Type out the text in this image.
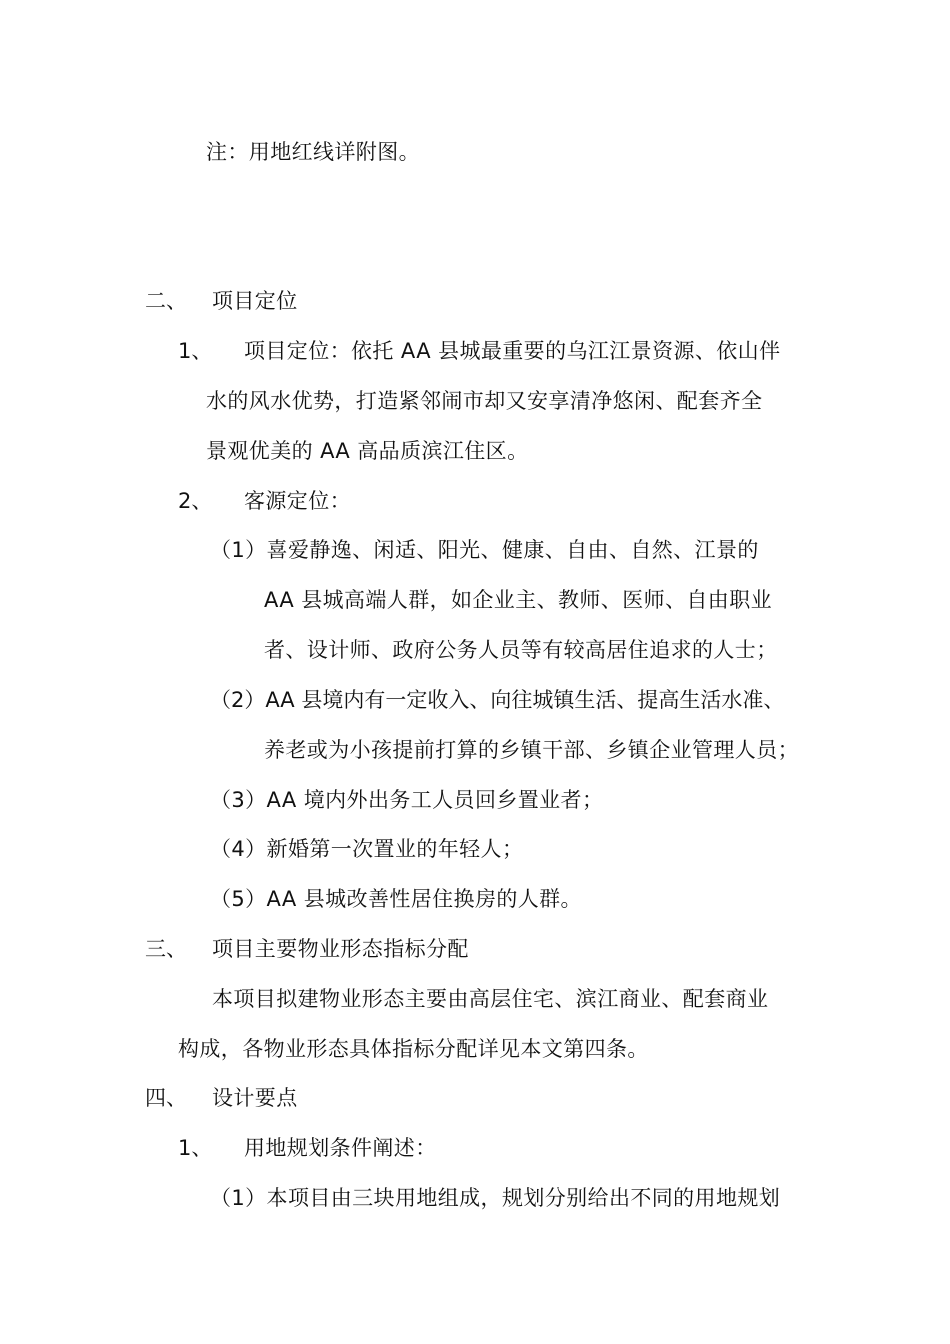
注：用地红线详附图。
二、 项目定位
1、 项目定位：依托 AA 县城最重要的乌江江景资源、依山伴
水的风水优势，打造紧邻闹市却又安享清净悠闲、配套齐全
景观优美的 AA 高品质滨江住区。
2、 客源定位：
（1）喜爱静逸、闲适、阳光、健康、自由、自然、江景的
AA 县城高端人群，如企业主、教师、医师、自由职业
者、设计师、政府公务人员等有较高居住追求的人士；
（2）AA 县境内有一定收入、向往城镇生活、提高生活水准、
养老或为小孩提前打算的乡镇干部、乡镇企业管理人员；
（3）AA 境内外出务工人员回乡置业者；
（4）新婚第一次置业的年轻人；
（5）AA 县城改善性居住换房的人群。
三、 项目主要物业形态指标分配
本项目拟建物业形态主要由高层住宅、滨江商业、配套商业
构成，各物业形态具体指标分配详见本文第四条。
四、 设计要点
1、 用地规划条件阐述：
（1）本项目由三块用地组成，规划分别给出不同的用地规划
